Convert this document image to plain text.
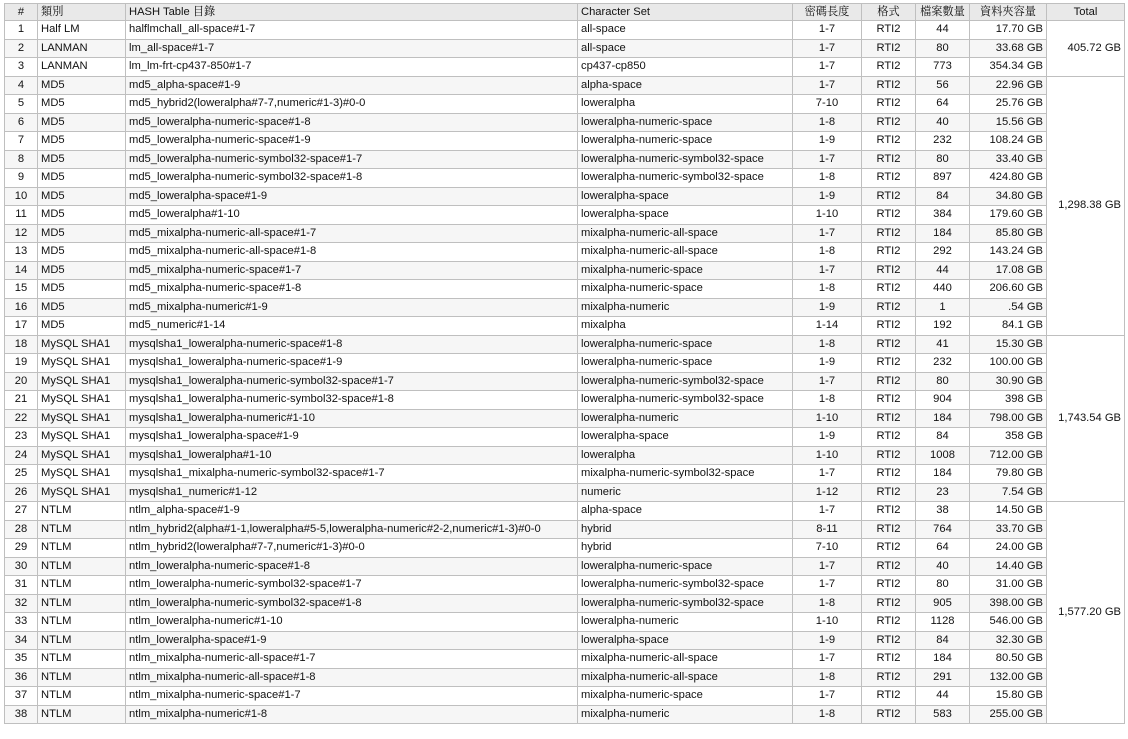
#	類別	HASH Table 目錄	Character Set	密碼長度	格式	檔案數量	資料夾容量	Total
1	Half LM	halflmchall_all-space#1-7	all-space	1-7	RTI2	44	17.70 GB	405.72 GB
2	LANMAN	lm_all-space#1-7	all-space	1-7	RTI2	80	33.68 GB	
3	LANMAN	lm_lm-frt-cp437-850#1-7	cp437-cp850	1-7	RTI2	773	354.34 GB	
4	MD5	md5_alpha-space#1-9	alpha-space	1-7	RTI2	56	22.96 GB	1,298.38 GB
5	MD5	md5_hybrid2(loweralpha#7-7,numeric#1-3)#0-0	loweralpha	7-10	RTI2	64	25.76 GB	
6	MD5	md5_loweralpha-numeric-space#1-8	loweralpha-numeric-space	1-8	RTI2	40	15.56 GB	
7	MD5	md5_loweralpha-numeric-space#1-9	loweralpha-numeric-space	1-9	RTI2	232	108.24 GB	
8	MD5	md5_loweralpha-numeric-symbol32-space#1-7	loweralpha-numeric-symbol32-space	1-7	RTI2	80	33.40 GB	
9	MD5	md5_loweralpha-numeric-symbol32-space#1-8	loweralpha-numeric-symbol32-space	1-8	RTI2	897	424.80 GB	
10	MD5	md5_loweralpha-space#1-9	loweralpha-space	1-9	RTI2	84	34.80 GB	
11	MD5	md5_loweralpha#1-10	loweralpha-space	1-10	RTI2	384	179.60 GB	
12	MD5	md5_mixalpha-numeric-all-space#1-7	mixalpha-numeric-all-space	1-7	RTI2	184	85.80 GB	
13	MD5	md5_mixalpha-numeric-all-space#1-8	mixalpha-numeric-all-space	1-8	RTI2	292	143.24 GB	
14	MD5	md5_mixalpha-numeric-space#1-7	mixalpha-numeric-space	1-7	RTI2	44	17.08 GB	
15	MD5	md5_mixalpha-numeric-space#1-8	mixalpha-numeric-space	1-8	RTI2	440	206.60 GB	
16	MD5	md5_mixalpha-numeric#1-9	mixalpha-numeric	1-9	RTI2	1	.54 GB	
17	MD5	md5_numeric#1-14	mixalpha	1-14	RTI2	192	84.1 GB	
18	MySQL SHA1	mysqlsha1_loweralpha-numeric-space#1-8	loweralpha-numeric-space	1-8	RTI2	41	15.30 GB	1,743.54 GB
19	MySQL SHA1	mysqlsha1_loweralpha-numeric-space#1-9	loweralpha-numeric-space	1-9	RTI2	232	100.00 GB	
20	MySQL SHA1	mysqlsha1_loweralpha-numeric-symbol32-space#1-7	loweralpha-numeric-symbol32-space	1-7	RTI2	80	30.90 GB	
21	MySQL SHA1	mysqlsha1_loweralpha-numeric-symbol32-space#1-8	loweralpha-numeric-symbol32-space	1-8	RTI2	904	398 GB	
22	MySQL SHA1	mysqlsha1_loweralpha-numeric#1-10	loweralpha-numeric	1-10	RTI2	184	798.00 GB	
23	MySQL SHA1	mysqlsha1_loweralpha-space#1-9	loweralpha-space	1-9	RTI2	84	358 GB	
24	MySQL SHA1	mysqlsha1_loweralpha#1-10	loweralpha	1-10	RTI2	1008	712.00 GB	
25	MySQL SHA1	mysqlsha1_mixalpha-numeric-symbol32-space#1-7	mixalpha-numeric-symbol32-space	1-7	RTI2	184	79.80 GB	
26	MySQL SHA1	mysqlsha1_numeric#1-12	numeric	1-12	RTI2	23	7.54 GB	
27	NTLM	ntlm_alpha-space#1-9	alpha-space	1-7	RTI2	38	14.50 GB	1,577.20 GB
28	NTLM	ntlm_hybrid2(alpha#1-1,loweralpha#5-5,loweralpha-numeric#2-2,numeric#1-3)#0-0	hybrid	8-11	RTI2	764	33.70 GB	
29	NTLM	ntlm_hybrid2(loweralpha#7-7,numeric#1-3)#0-0	hybrid	7-10	RTI2	64	24.00 GB	
30	NTLM	ntlm_loweralpha-numeric-space#1-8	loweralpha-numeric-space	1-7	RTI2	40	14.40 GB	
31	NTLM	ntlm_loweralpha-numeric-symbol32-space#1-7	loweralpha-numeric-symbol32-space	1-7	RTI2	80	31.00 GB	
32	NTLM	ntlm_loweralpha-numeric-symbol32-space#1-8	loweralpha-numeric-symbol32-space	1-8	RTI2	905	398.00 GB	
33	NTLM	ntlm_loweralpha-numeric#1-10	loweralpha-numeric	1-10	RTI2	1128	546.00 GB	
34	NTLM	ntlm_loweralpha-space#1-9	loweralpha-space	1-9	RTI2	84	32.30 GB	
35	NTLM	ntlm_mixalpha-numeric-all-space#1-7	mixalpha-numeric-all-space	1-7	RTI2	184	80.50 GB	
36	NTLM	ntlm_mixalpha-numeric-all-space#1-8	mixalpha-numeric-all-space	1-8	RTI2	291	132.00 GB	
37	NTLM	ntlm_mixalpha-numeric-space#1-7	mixalpha-numeric-space	1-7	RTI2	44	15.80 GB	
38	NTLM	ntlm_mixalpha-numeric#1-8	mixalpha-numeric	1-8	RTI2	583	255.00 GB	
